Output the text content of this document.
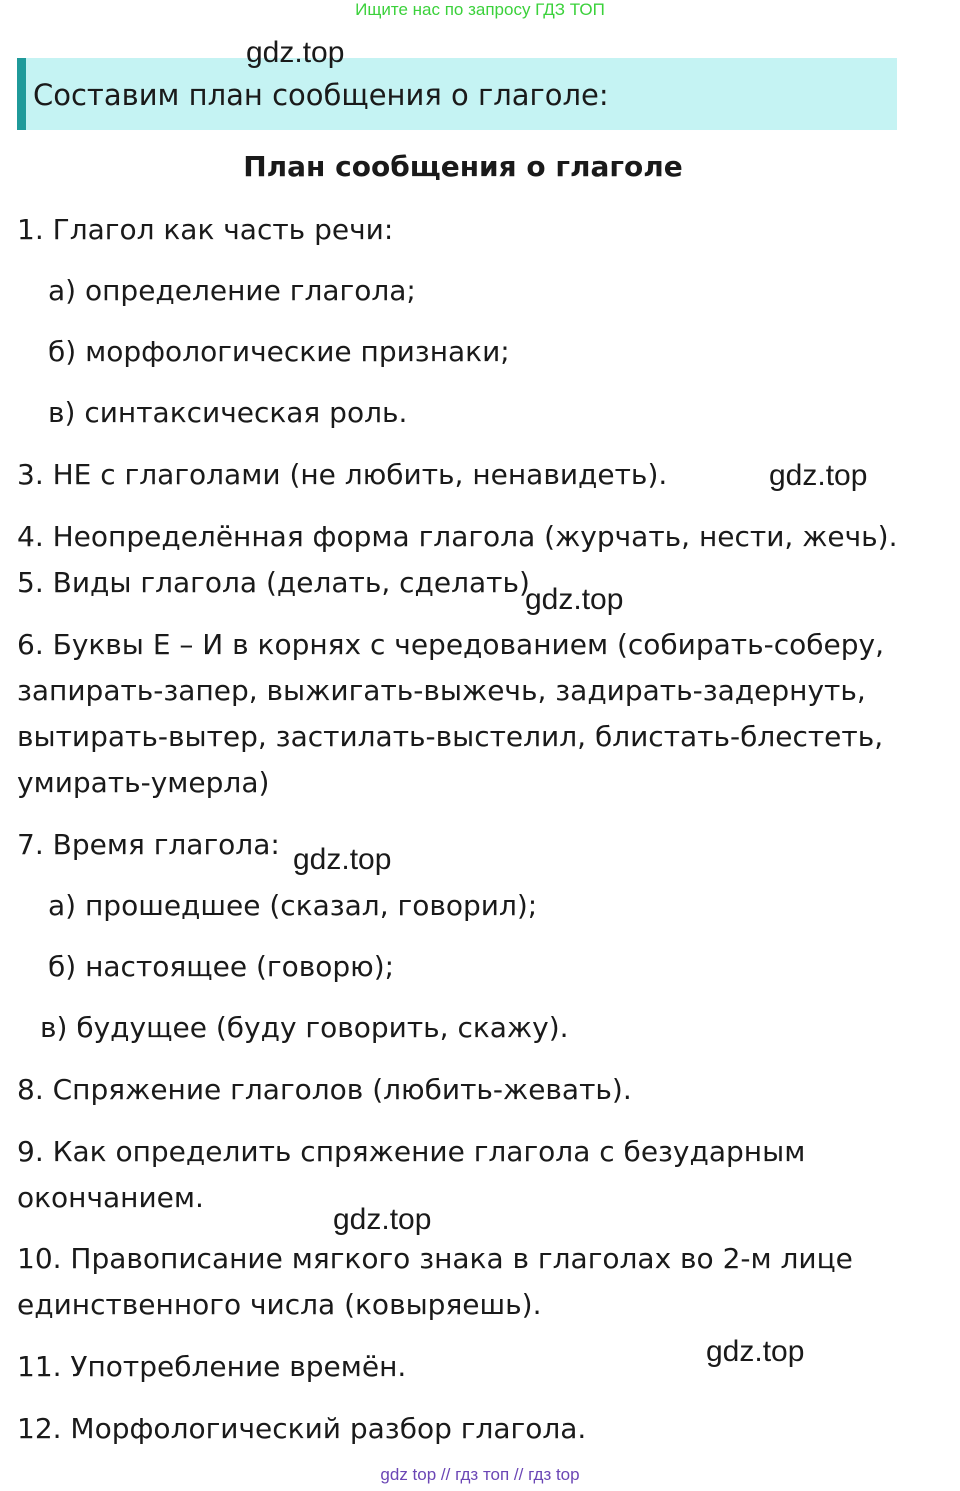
Ищите нас по запросу ГДЗ ТОП
Составим план сообщения о глаголе:
План сообщения о глаголе
1. Глагол как часть речи:
а) определение глагола;
б) морфологические признаки;
в) синтаксическая роль.
3. НЕ с глаголами (не любить, ненавидеть).
4. Неопределённая форма глагола (журчать, нести, жечь).
5. Виды глагола (делать, сделать)
6. Буквы Е – И в корнях с чередованием (собирать-соберу,
запирать-запер, выжигать-выжечь, задирать-задернуть,
вытирать-вытер, застилать-выстелил, блистать-блестеть,
умирать-умерла)
7. Время глагола:
а) прошедшее (сказал, говорил);
б) настоящее (говорю);
в) будущее (буду говорить, скажу).
8. Спряжение глаголов (любить-жевать).
9. Как определить спряжение глагола с безударным
окончанием.
10. Правописание мягкого знака в глаголах во 2-м лице
единственного числа (ковыряешь).
11. Употребление времён.
12. Морфологический разбор глагола.
gdz.top
gdz.top
gdz.top
gdz.top
gdz.top
gdz.top
gdz top // гдз топ // гдз top
